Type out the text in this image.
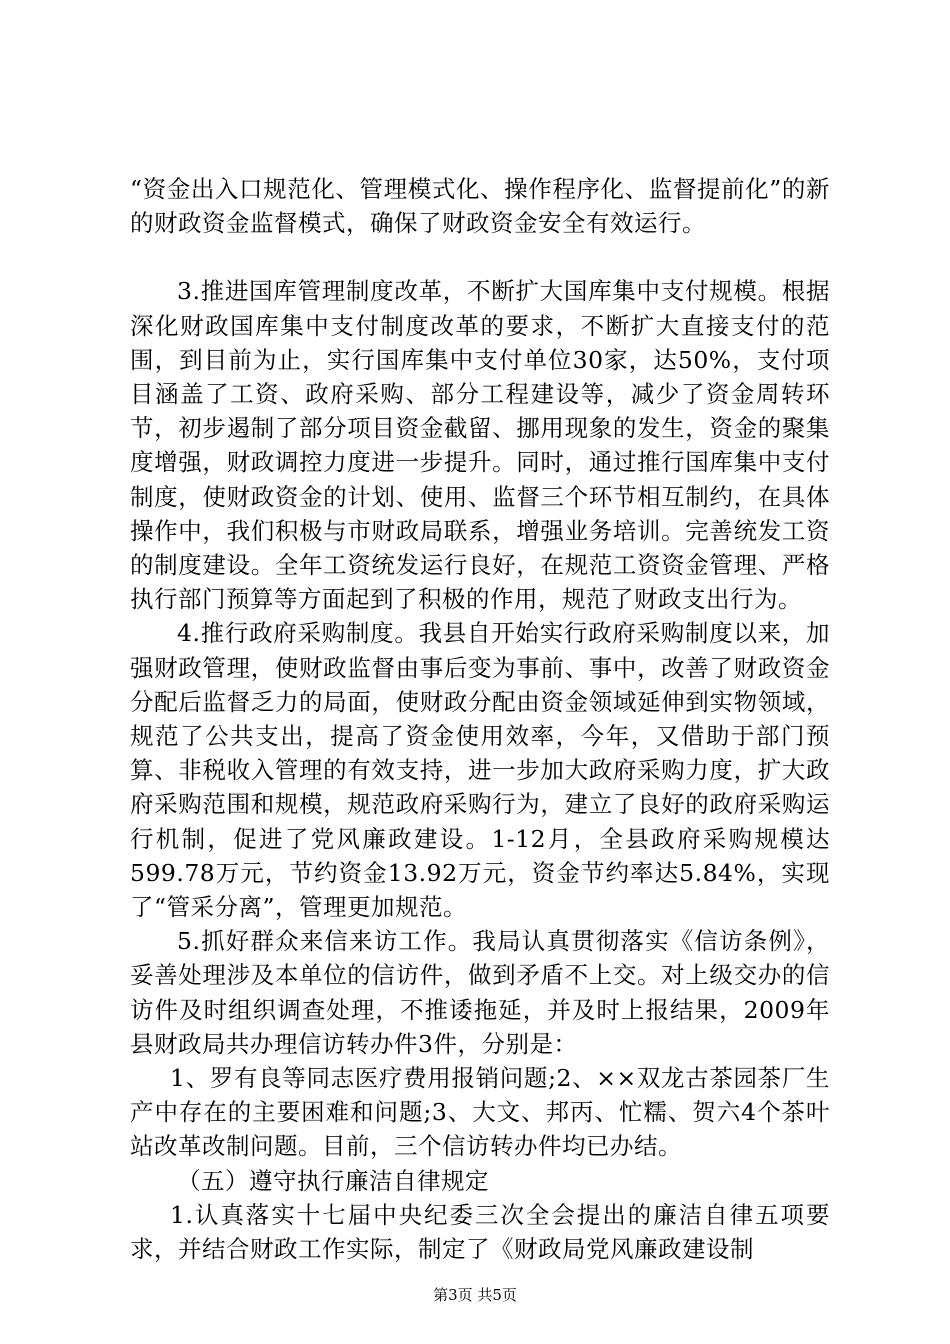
“资金出入口规范化、管理模式化、操作程序化、监督提前化”的新的财政资金监督模式，确保了财政资金安全有效运行。

3.推进国库管理制度改革，不断扩大国库集中支付规模。根据深化财政国库集中支付制度改革的要求，不断扩大直接支付的范围，到目前为止，实行国库集中支付单位30家，达50%，支付项目涵盖了工资、政府采购、部分工程建设等，减少了资金周转环节，初步遏制了部分项目资金截留、挪用现象的发生，资金的聚集度增强，财政调控力度进一步提升。同时，通过推行国库集中支付制度，使财政资金的计划、使用、监督三个环节相互制约，在具体操作中，我们积极与市财政局联系，增强业务培训。完善统发工资的制度建设。全年工资统发运行良好，在规范工资资金管理、严格执行部门预算等方面起到了积极的作用，规范了财政支出行为。

4.推行政府采购制度。我县自开始实行政府采购制度以来，加强财政管理，使财政监督由事后变为事前、事中，改善了财政资金分配后监督乏力的局面，使财政分配由资金领域延伸到实物领域，规范了公共支出，提高了资金使用效率，今年，又借助于部门预算、非税收入管理的有效支持，进一步加大政府采购力度，扩大政府采购范围和规模，规范政府采购行为，建立了良好的政府采购运行机制，促进了党风廉政建设。1-12月，全县政府采购规模达599.78万元，节约资金13.92万元，资金节约率达5.84%，实现了“管采分离”，管理更加规范。

5.抓好群众来信来访工作。我局认真贯彻落实《信访条例》，妥善处理涉及本单位的信访件，做到矛盾不上交。对上级交办的信访件及时组织调查处理，不推诿拖延，并及时上报结果，2009年县财政局共办理信访转办件3件，分别是：

1、罗有良等同志医疗费用报销问题;2、××双龙古茶园茶厂生产中存在的主要困难和问题;3、大文、邦丙、忙糯、贺六4个茶叶站改革改制问题。目前，三个信访转办件均已办结。

（五）遵守执行廉洁自律规定

1.认真落实十七届中央纪委三次全会提出的廉洁自律五项要求，并结合财政工作实际，制定了《财政局党风廉政建设制

第3页 共5页
